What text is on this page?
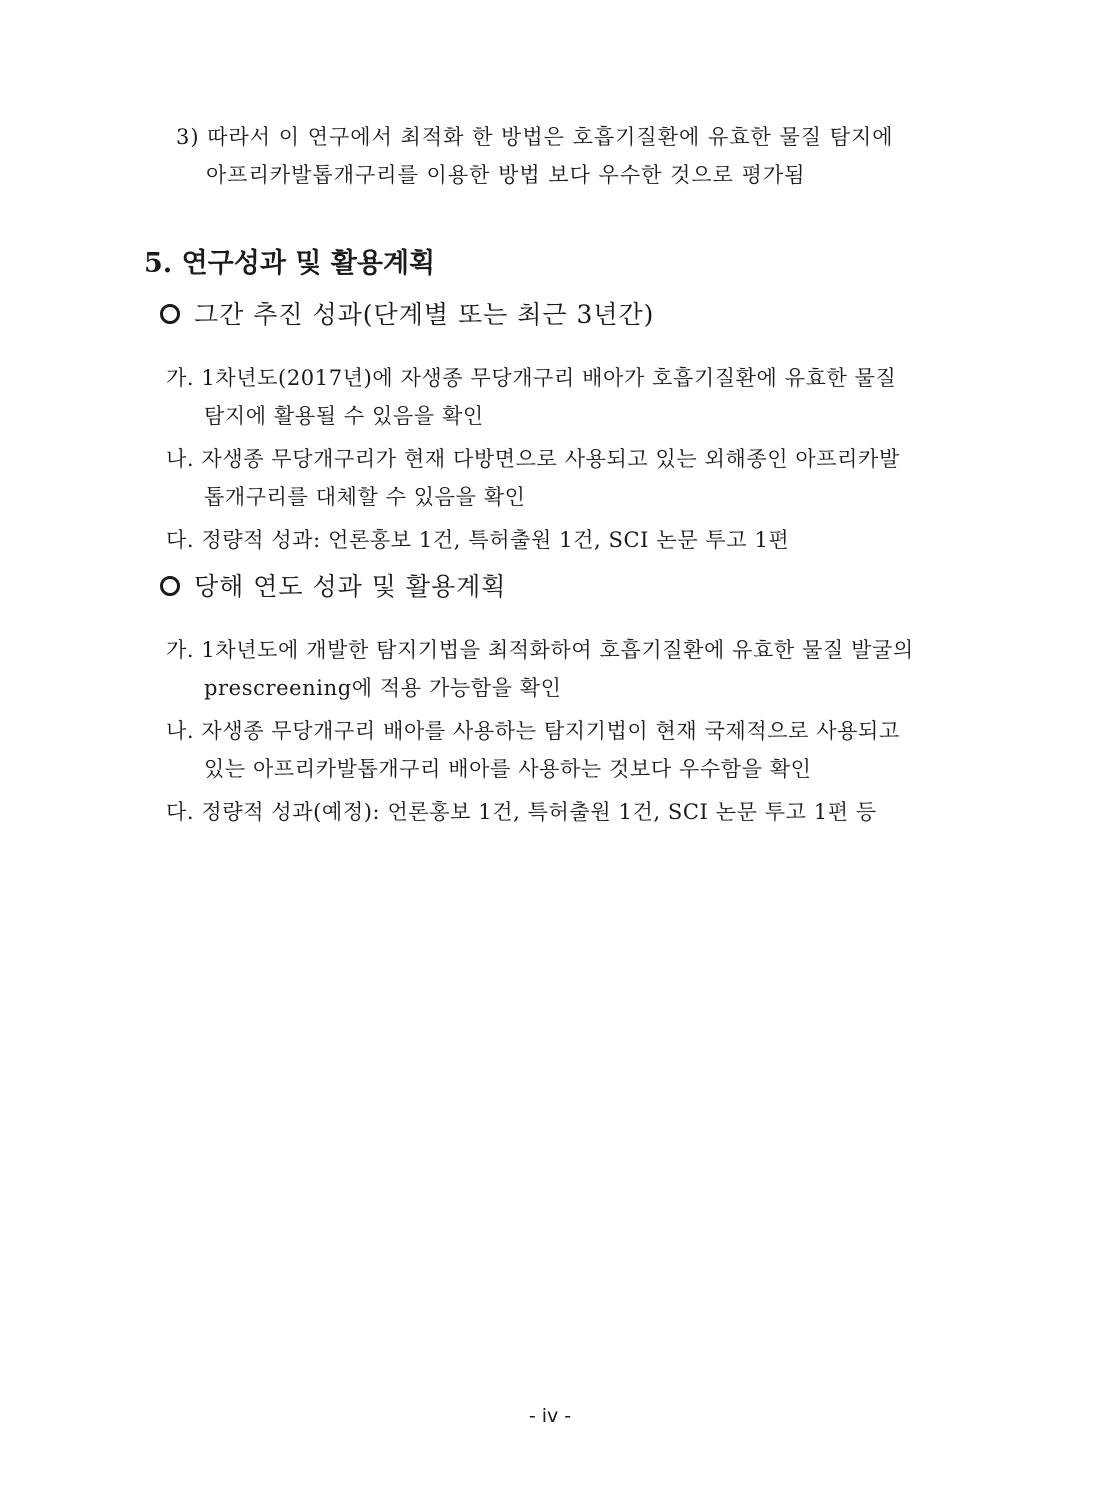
3) 따라서 이 연구에서 최적화 한 방법은 호흡기질환에 유효한 물질 탐지에
아프리카발톱개구리를 이용한 방법 보다 우수한 것으로 평가됨
5. 연구성과 및 활용계획
그간 추진 성과(단계별 또는 최근 3년간)
가. 1차년도(2017년)에 자생종 무당개구리 배아가 호흡기질환에 유효한 물질
탐지에 활용될 수 있음을 확인
나. 자생종 무당개구리가 현재 다방면으로 사용되고 있는 외해종인 아프리카발
톱개구리를 대체할 수 있음을 확인
다. 정량적 성과: 언론홍보 1건, 특허출원 1건, SCI 논문 투고 1편
당해 연도 성과 및 활용계획
가. 1차년도에 개발한 탐지기법을 최적화하여 호흡기질환에 유효한 물질 발굴의
prescreening에 적용 가능함을 확인
나. 자생종 무당개구리 배아를 사용하는 탐지기법이 현재 국제적으로 사용되고
있는 아프리카발톱개구리 배아를 사용하는 것보다 우수함을 확인
다. 정량적 성과(예정): 언론홍보 1건, 특허출원 1건, SCI 논문 투고 1편 등
- iv -
